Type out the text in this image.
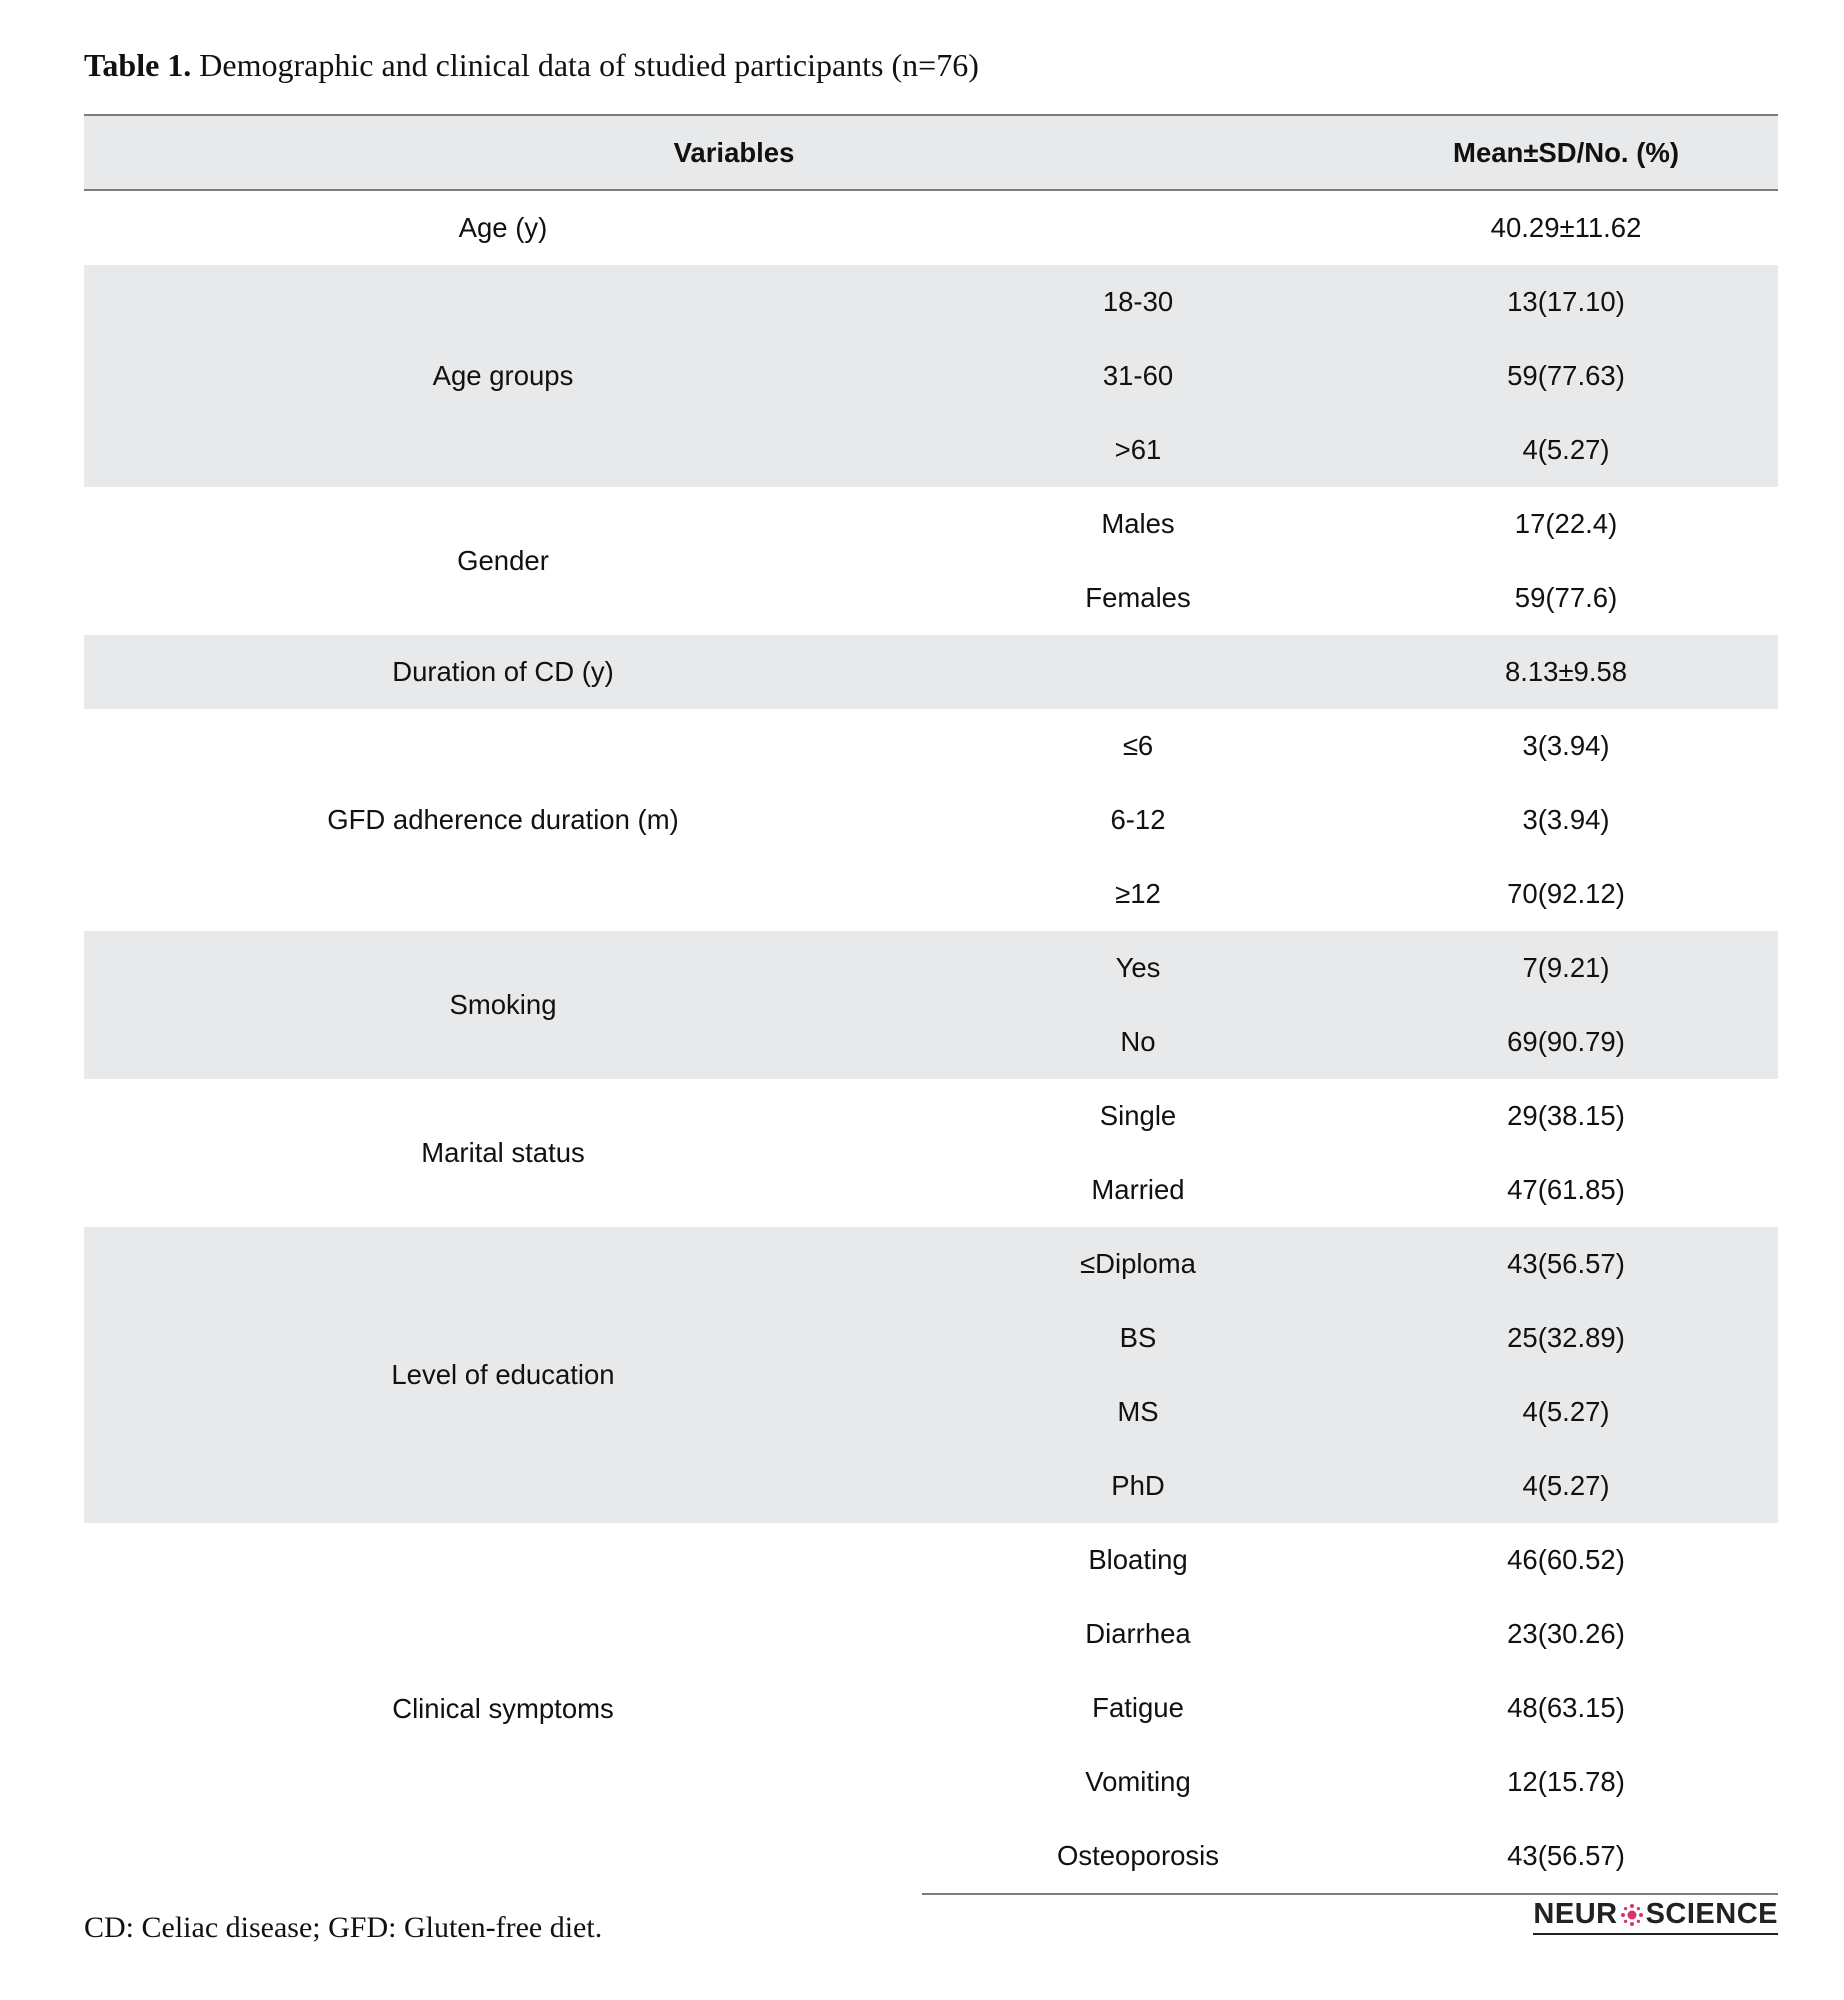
Table 1. Demographic and clinical data of studied participants (n=76)
Variables		Mean±SD/No. (%)
Age (y)		40.29±11.62
Age groups	18-30	13(17.10)
	31-60	59(77.63)
	>61	4(5.27)
Gender	Males	17(22.4)
	Females	59(77.6)
Duration of CD (y)		8.13±9.58
GFD adherence duration (m)	≤6	3(3.94)
	6-12	3(3.94)
	≥12	70(92.12)
Smoking	Yes	7(9.21)
	No	69(90.79)
Marital status	Single	29(38.15)
	Married	47(61.85)
Level of education	≤Diploma	43(56.57)
	BS	25(32.89)
	MS	4(5.27)
	PhD	4(5.27)
Clinical symptoms	Bloating	46(60.52)
	Diarrhea	23(30.26)
	Fatigue	48(63.15)
	Vomiting	12(15.78)
	Osteoporosis	43(56.57)
CD: Celiac disease; GFD: Gluten-free diet.	NEUR SCIENCE
